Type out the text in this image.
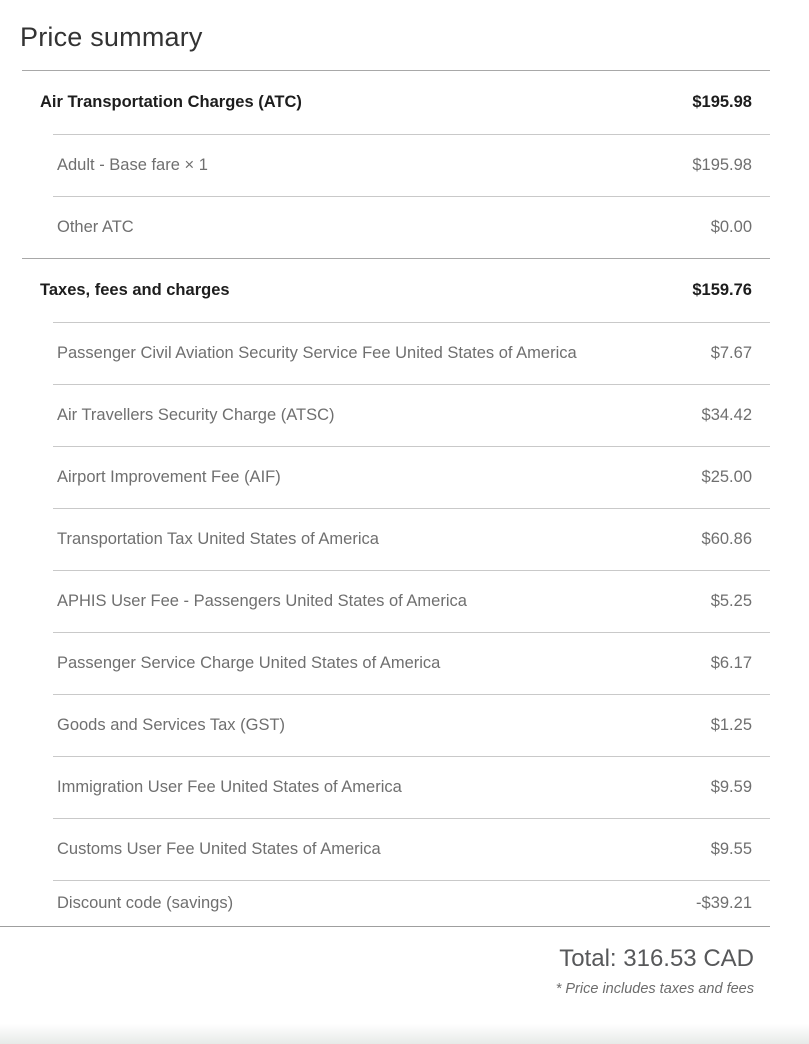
Price summary
Air Transportation Charges (ATC)	$195.98
Adult - Base fare × 1	$195.98
Other ATC	$0.00
Taxes, fees and charges	$159.76
Passenger Civil Aviation Security Service Fee United States of America	$7.67
Air Travellers Security Charge (ATSC)	$34.42
Airport Improvement Fee (AIF)	$25.00
Transportation Tax United States of America	$60.86
APHIS User Fee - Passengers United States of America	$5.25
Passenger Service Charge United States of America	$6.17
Goods and Services Tax (GST)	$1.25
Immigration User Fee United States of America	$9.59
Customs User Fee United States of America	$9.55
Discount code (savings)	-$39.21
Total: 316.53 CAD
* Price includes taxes and fees
